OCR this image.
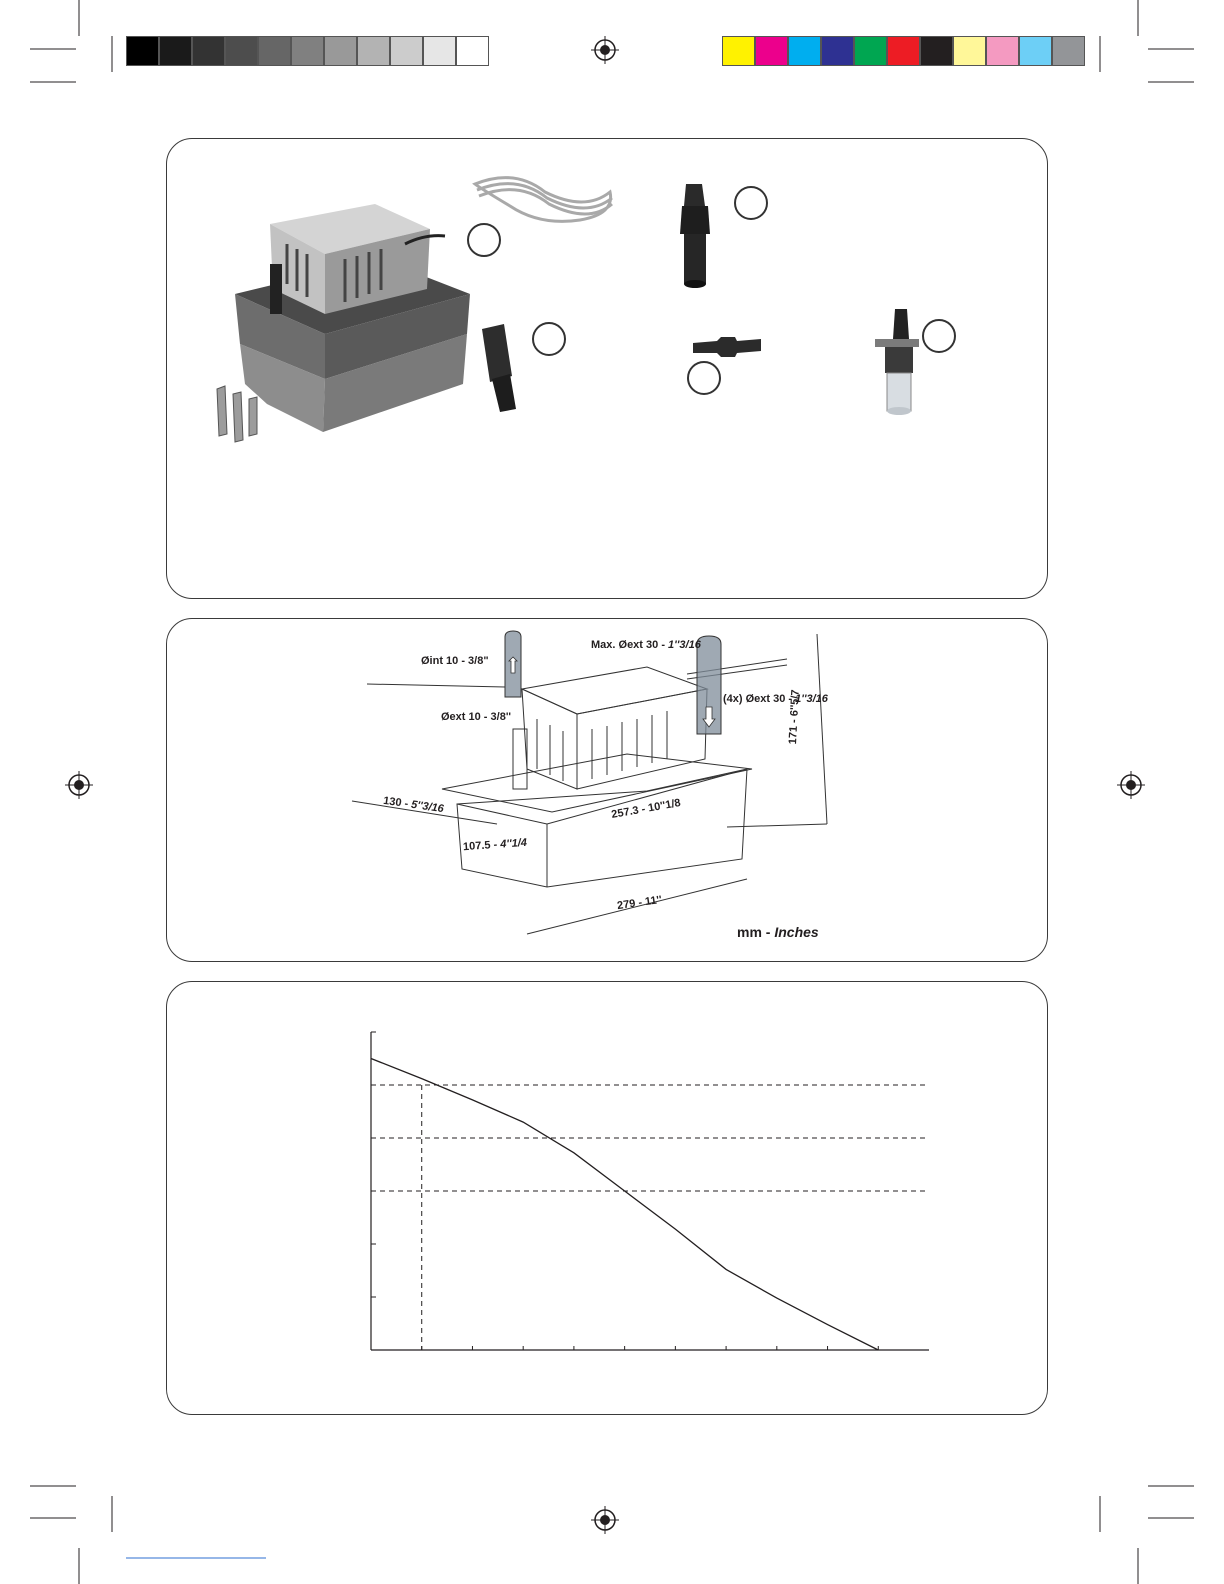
Øint 10 - 3/8"
Øext 10 - 3/8''
Max. Øext 30 - 1''3/16
(4x) Øext 30 - 1''3/16
171 - 6''5/7
130 - 5''3/16	257.3 - 10''1/8
107.5 - 4''1/4
279 - 11''
mm - Inches
